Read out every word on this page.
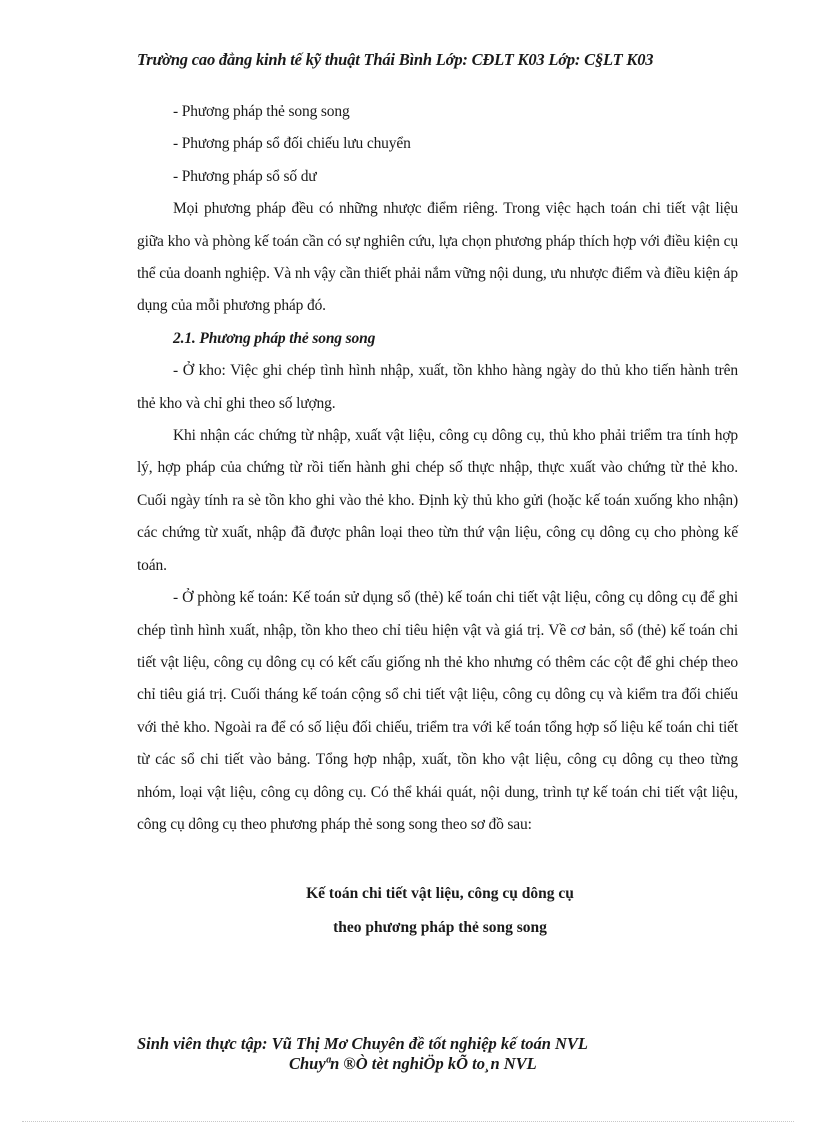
Trường cao đẳng kinh tế kỹ thuật Thái Bình Lớp: CĐLT K03 Lớp: C§LT K03

- Phương pháp thẻ song song

- Phương pháp sổ đối chiếu lưu chuyển

- Phương pháp sổ số dư

Mọi phương pháp đều có những nhược điểm riêng. Trong việc hạch toán chi tiết vật liệu giữa kho và phòng kế toán cần có sự nghiên cứu, lựa chọn phương pháp thích hợp với điều kiện cụ thể của doanh nghiệp. Và nh vậy cần thiết phải nắm vững nội dung, ưu nhược điểm và điều kiện áp dụng của mỗi phương pháp đó.

2.1. Phương pháp thẻ song song

- Ở kho: Việc ghi chép tình hình nhập, xuất, tồn khho hàng ngày do thủ kho tiến hành trên thẻ kho và chỉ ghi theo số lượng.

Khi nhận các chứng từ nhập, xuất vật liệu, công cụ dông cụ, thủ kho phải triểm tra tính hợp lý, hợp pháp của chứng từ rồi tiến hành ghi chép số thực nhập, thực xuất vào chứng từ thẻ kho. Cuối ngày tính ra sè tồn kho ghi vào thẻ kho. Định kỳ thủ kho gửi (hoặc kế toán xuống kho nhận) các chứng từ xuất, nhập đã được phân loại theo từn thứ vận liệu, công cụ dông cụ cho phòng kế toán.

- Ở phòng kế toán: Kế toán sử dụng sổ (thẻ) kế toán chi tiết vật liệu, công cụ dông cụ để ghi chép tình hình xuất, nhập, tồn kho theo chỉ tiêu hiện vật và giá trị. Về cơ bản, sổ (thẻ) kế toán chi tiết vật liệu, công cụ dông cụ có kết cấu giống nh thẻ kho nhưng có thêm các cột để ghi chép theo chỉ tiêu giá trị. Cuối tháng kế toán cộng sổ chi tiết vật liệu, công cụ dông cụ và kiểm tra đối chiếu với thẻ kho. Ngoài ra để có số liệu đối chiếu, triểm tra với kế toán tổng hợp số liệu kế toán chi tiết từ các sổ chi tiết vào bảng. Tổng hợp nhập, xuất, tồn kho vật liệu, công cụ dông cụ theo từng nhóm, loại vật liệu, công cụ dông cụ. Có thể khái quát, nội dung, trình tự kế toán chi tiết vật liệu, công cụ dông cụ theo phương pháp thẻ song song theo sơ đồ sau:

Kế toán chi tiết vật liệu, công cụ dông cụ
theo phương pháp thẻ song song
Sinh viên thực tập: Vũ Thị Mơ Chuyên đề tốt nghiệp kế toán NVL
Chuyªn ®Ò tèt nghiÖp kÕ to¸n NVL
